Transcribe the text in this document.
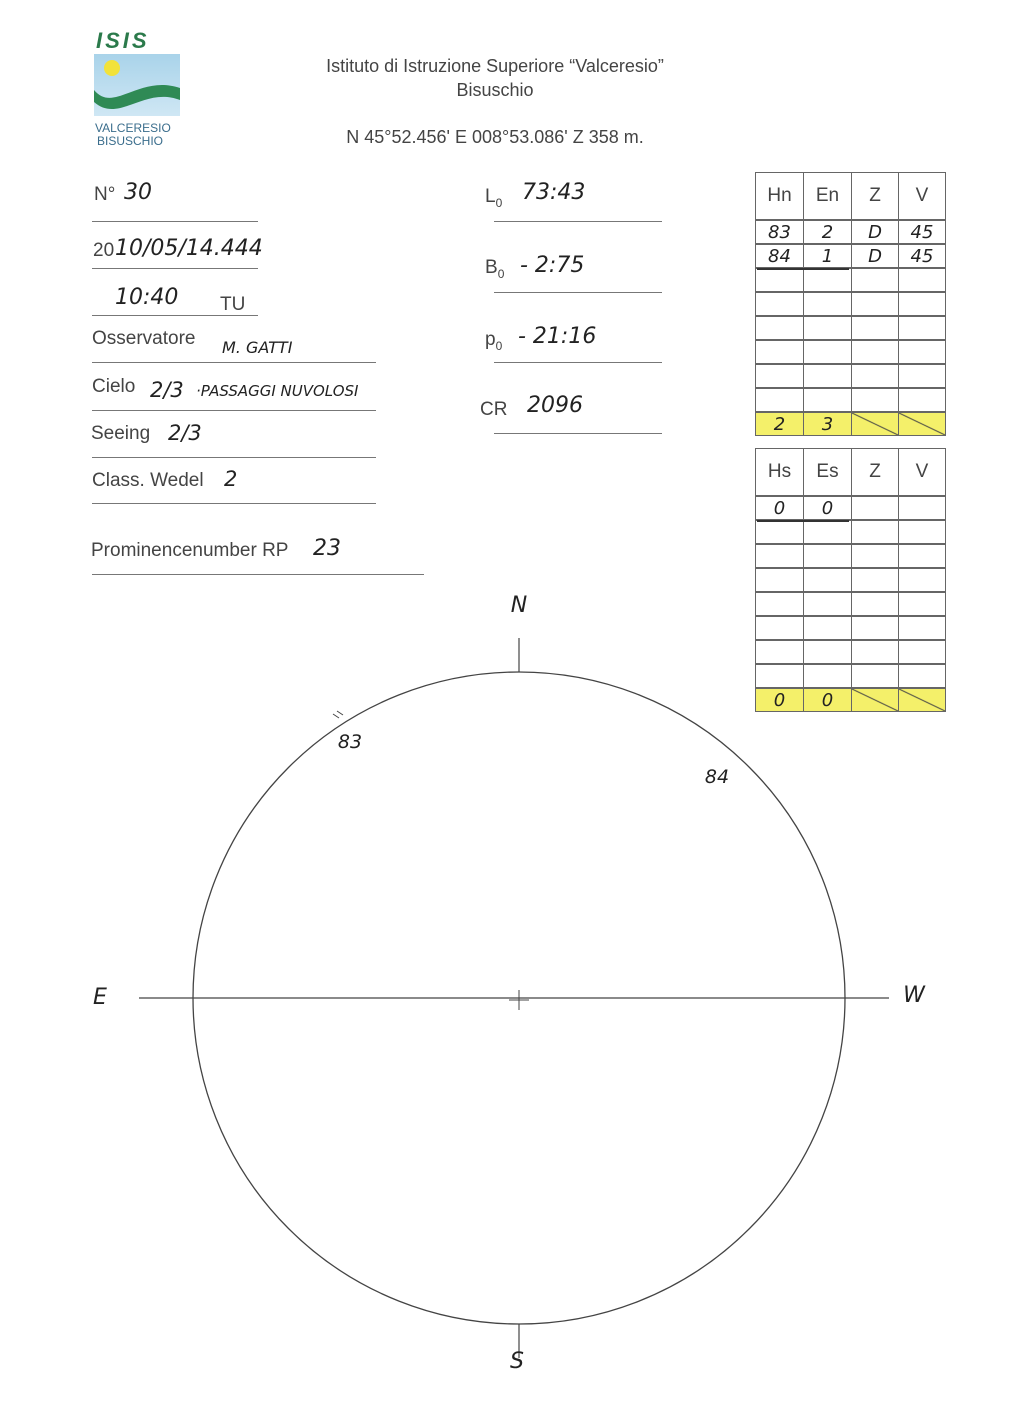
ISIS
VALCERESIO
BISUSCHIO
Istituto di Istruzione Superiore “Valceresio”
Bisuschio
N 45°52.456' E 008°53.086' Z 358 m.
N° 30
20 10/05/14.444
10:40 TU
Osservatore M. GATTI
Cielo 2/3 ·PASSAGGI NUVOLOSI
Seeing 2/3
Class. Wedel 2
Prominencenumber RP 23
$L_0$ 73:43
$B_0$ - 2:75
$p_0$ - 21:16
CR 2096
Hn	En	Z	V
83	2	D	45
84	1	D	45
2	3
Hs	Es	Z	V
0	0
0	0
N
S
E	W
83
84
